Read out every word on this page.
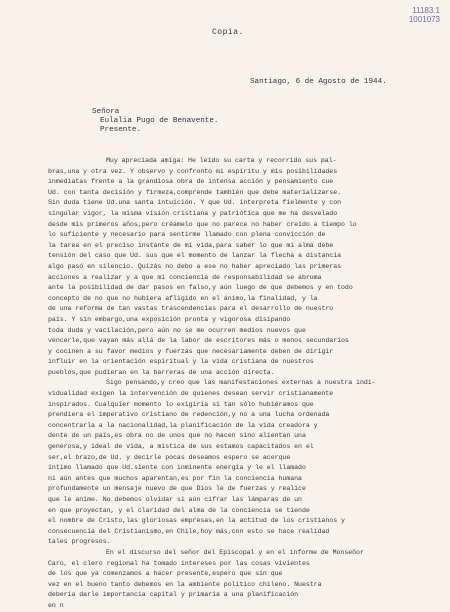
11183.1
1001073
Copia.
Santiago, 6 de Agosto de 1944.
Señora
Eulalia Pugo de Benavente.
Presente.
Muy apreciada amiga: He leído su carta y recorrido sus pal-
bras,una y otra vez. Y observo y confronto mi espíritu y mis posibilidades
inmediatas frente a la grandiosa obra de intensa acción y pensamiento cue
Ud. con tanta decisión y firmeza,comprende también que debe materializarse.
Sin duda tiene Ud.una santa intuición. Y que Ud. interpreta fielmente y con
singular vigor, la misma visión cristiana y patriótica que me ha desvelado
desde mis primeros años,pero créamelo que no parece no haber creído a tiempo lo
lo suficiente y necesario para sentirme llamado con plena convicción de
la tarea en el preciso instante de mi vida,para saber lo que mi alma debe
tensión del caso que Ud. sus que el momento de lanzar la flecha a distancia
algo pasó en silencio. Quizás no debo a ese no haber apreciado las primeras
acciones a realizar y a que mi conciencia de responsabilidad se abruma
ante la posibilidad de dar pasos en falso,y aún luego de que debemos y en todo
concepto de no que no hubiera afligido en el ánimo,la finalidad, y la
de una reforma de tan vastas trascendencias para el desarrollo de nuestro
país. Y sin embargo,una exposición pronta y vigorosa disipando
toda duda y vacilación,pero aún no se me ocurren medios nuevos que
vencerle,que vayan más allá de la labor de escritores más o menos secundarios
y cocinen a su favor medios y fuerzas que necesariamente deben de dirigir
influir en la orientación espiritual y la vida cristiana de nuestros
pueblos,que pudieran en la barreras de una acción directa.
Sigo pensando,y creo que las manifestaciones externas a nuestra indi-
vidualidad exigen la intervención de quienes desean servir cristianamente
inspirados. Cualquier momento lo exigiría si tan sólo hubiéramos que
prendiera el imperativo cristiano de redención,y no a una lucha ordenada
concentrarla a la nacionalidad,la planificación de la vida creadora y
dente de un país,es obra no de unos que no hacen sino alientan una
generosa,y ideal de vida, a mística de sus estamos capacitados en el
ser,el brazo,de Ud. y decirle pocas deseamos espero se acerque
íntimo llamado que Ud.siente con inminente energía y le el llamado
ni aún antes que muchos aparentan,es por fin la conciencia humana
profundamente un mensaje nuevo de que Dios le de fuerzas y realice
que le anime. No debemos olvidar si aún cifrar las lámparas de un
en que proyectan, y el claridad del alma de la conciencia se tiende
el nombre de Cristo,las gloriosas empresas,en la actitud de los cristianos y
consecuencia del Cristianismo,en Chile,hoy más,con esto se hace realidad
tales progresos.
En el discurso del señor del Episcopal y en el informe de Monseñor
Caro, el clero regional ha tomado intereses por las cosas vivientes
de los que ya comenzamos a hacer presente,espero que sin que
vez en el bueno tanto debemos en la ambiente político chileno. Nuestra
debería darle importancia capital y primaria a una planificación
en n
